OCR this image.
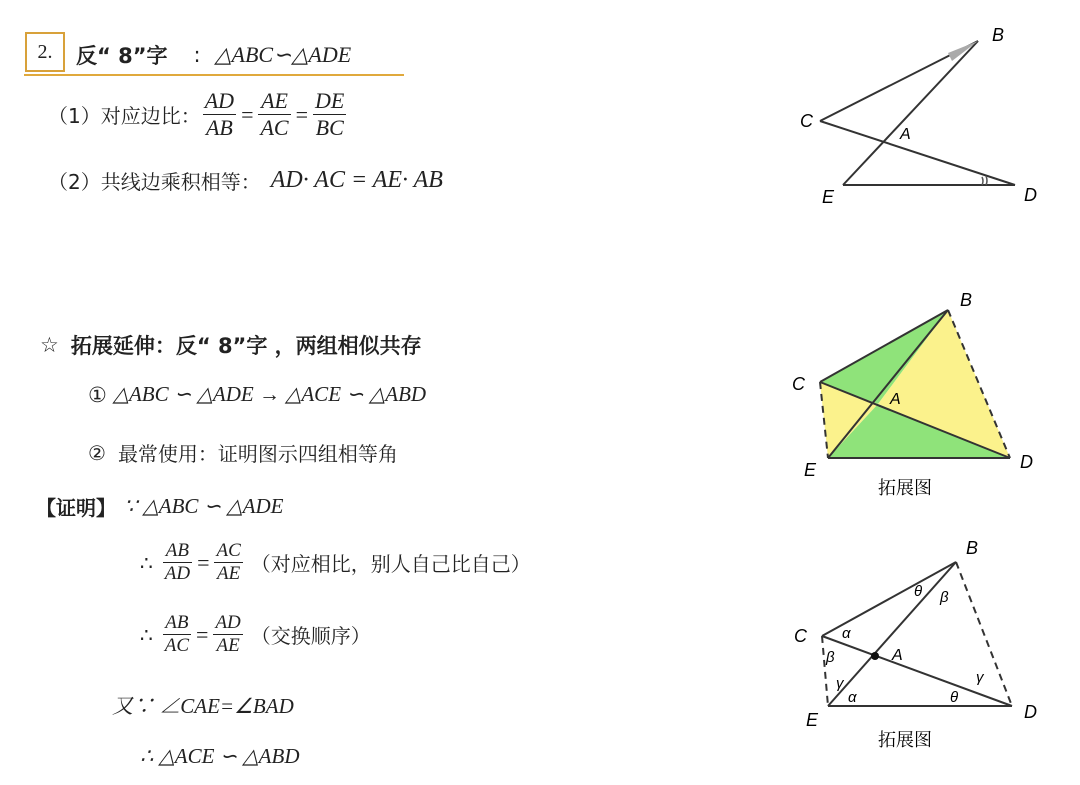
2. 反“ 8”字 : △ABC∽△ADE
（1）对应边比： $\frac{AD}{AB} = \frac{AE}{AC} = \frac{DE}{BC}$
（2）共线边乘积相等： AD· AC = AE· AB
☆ 拓展延伸：反“ 8”字 ，两组相似共存
① △ABC ∽ △ADE → △ACE ∽ △ABD
② 最常使用：证明图示四组相等角
【证明】 ∵ △ABC ∽ △ADE
∴ $\frac{AB}{AD} = \frac{AC}{AE}$ （对应相比，别人自己比自己）
∴ $\frac{AB}{AC} = \frac{AD}{AE}$ （交换顺序）
又∵ ∠CAE=∠BAD
∴ △ACE ∽ △ABD
B
C
A
E	D
B
C
A
E	D
拓展图
B
C
A
E	D
α
β
γ
α
θ β
γ
θ
拓展图
